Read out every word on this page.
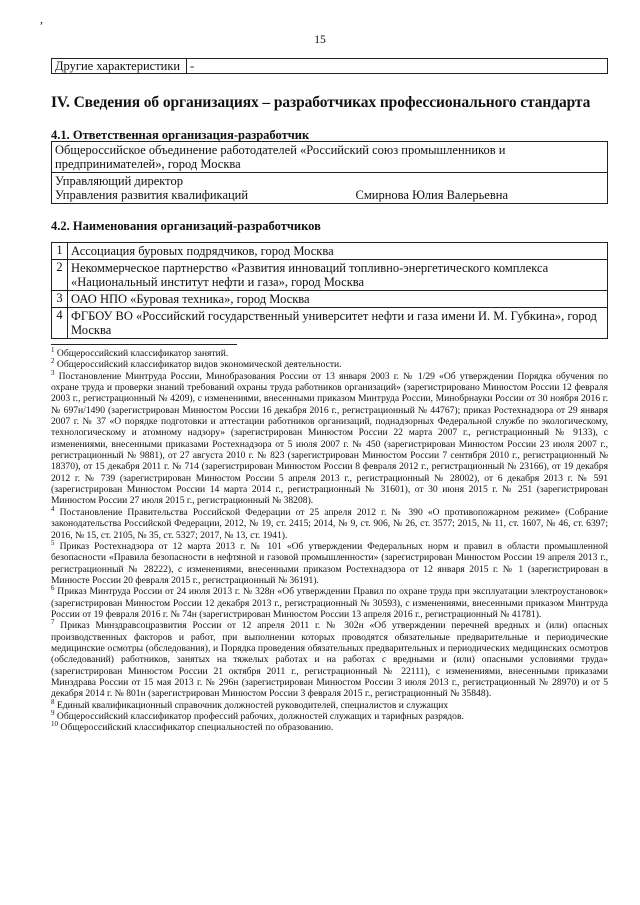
,
15
Другие характеристики	-
IV. Сведения об организациях – разработчиках профессионального стандарта
4.1. Ответственная организация-разработчик
Общероссийское объединение работодателей «Российский союз промышленников и предпринимателей», город Москва

Управляющий директор
Управления развития квалификаций	Смирнова Юлия Валерьевна
4.2. Наименования организаций-разработчиков
1	Ассоциация буровых подрядчиков, город Москва
2	Некоммерческое партнерство «Развития инноваций топливно-энергетического комплекса «Национальный институт нефти и газа», город Москва
3	ОАО НПО «Буровая техника», город Москва
4	ФГБОУ ВО «Российский государственный университет нефти и газа имени И. М. Губкина», город Москва
$^1$ Общероссийский классификатор занятий.
$^2$ Общероссийский классификатор видов экономической деятельности.
$^3$ Постановление Минтруда России, Минобразования России от 13 января 2003 г. № 1/29 «Об утверждении Порядка обучения по охране труда и проверки знаний требований охраны труда работников организаций» (зарегистрировано Минюстом России 12 февраля 2003 г., регистрационный № 4209), с изменениями, внесенными приказом Минтруда России, Минобрнауки России от 30 ноября 2016 г. № 697н/1490 (зарегистрирован Минюстом России 16 декабря 2016 г., регистрационный № 44767); приказ Ростехнадзора от 29 января 2007 г. № 37 «О порядке подготовки и аттестации работников организаций, поднадзорных Федеральной службе по экологическому, технологическому и атомному надзору» (зарегистрирован Минюстом России 22 марта 2007 г., регистрационный № 9133), с изменениями, внесенными приказами Ростехнадзора от 5 июля 2007 г. № 450 (зарегистрирован Минюстом России 23 июля 2007 г., регистрационный № 9881), от 27 августа 2010 г. № 823 (зарегистрирован Минюстом России 7 сентября 2010 г., регистрационный № 18370), от 15 декабря 2011 г. № 714 (зарегистрирован Минюстом России 8 февраля 2012 г., регистрационный № 23166), от 19 декабря 2012 г. № 739 (зарегистрирован Минюстом России 5 апреля 2013 г., регистрационный № 28002), от 6 декабря 2013 г. № 591 (зарегистрирован Минюстом России 14 марта 2014 г., регистрационный № 31601), от 30 июня 2015 г. № 251 (зарегистрирован Минюстом России 27 июля 2015 г., регистрационный № 38208).
$^4$ Постановление Правительства Российской Федерации от 25 апреля 2012 г. № 390 «О противопожарном режиме» (Собрание законодательства Российской Федерации, 2012, № 19, ст. 2415; 2014, № 9, ст. 906, № 26, ст. 3577; 2015, № 11, ст. 1607, № 46, ст. 6397; 2016, № 15, ст. 2105, № 35, ст. 5327; 2017, № 13, ст. 1941).
$^5$ Приказ Ростехнадзора от 12 марта 2013 г. № 101 «Об утверждении Федеральных норм и правил в области промышленной безопасности «Правила безопасности в нефтяной и газовой промышленности» (зарегистрирован Минюстом России 19 апреля 2013 г., регистрационный № 28222), с изменениями, внесенными приказом Ростехнадзора от 12 января 2015 г. № 1 (зарегистрирован в Минюсте России 20 февраля 2015 г., регистрационный № 36191).
$^6$ Приказ Минтруда России от 24 июля 2013 г. № 328н «Об утверждении Правил по охране труда при эксплуатации электроустановок» (зарегистрирован Минюстом России 12 декабря 2013 г., регистрационный № 30593), с изменениями, внесенными приказом Минтруда России от 19 февраля 2016 г. № 74н (зарегистрирован Минюстом России 13 апреля 2016 г., регистрационный № 41781).
$^7$ Приказ Минздравсоцразвития России от 12 апреля 2011 г. № 302н «Об утверждении перечней вредных и (или) опасных производственных факторов и работ, при выполнении которых проводятся обязательные предварительные и периодические медицинские осмотры (обследования), и Порядка проведения обязательных предварительных и периодических медицинских осмотров (обследований) работников, занятых на тяжелых работах и на работах с вредными и (или) опасными условиями труда» (зарегистрирован Минюстом России 21 октября 2011 г., регистрационный № 22111), с изменениями, внесенными приказами Минздрава России от 15 мая 2013 г. № 296н (зарегистрирован Минюстом России 3 июля 2013 г., регистрационный № 28970) и от 5 декабря 2014 г. № 801н (зарегистрирован Минюстом России 3 февраля 2015 г., регистрационный № 35848).
$^8$ Единый квалификационный справочник должностей руководителей, специалистов и служащих
$^9$ Общероссийский классификатор профессий рабочих, должностей служащих и тарифных разрядов.
$^{10}$ Общероссийский классификатор специальностей по образованию.
